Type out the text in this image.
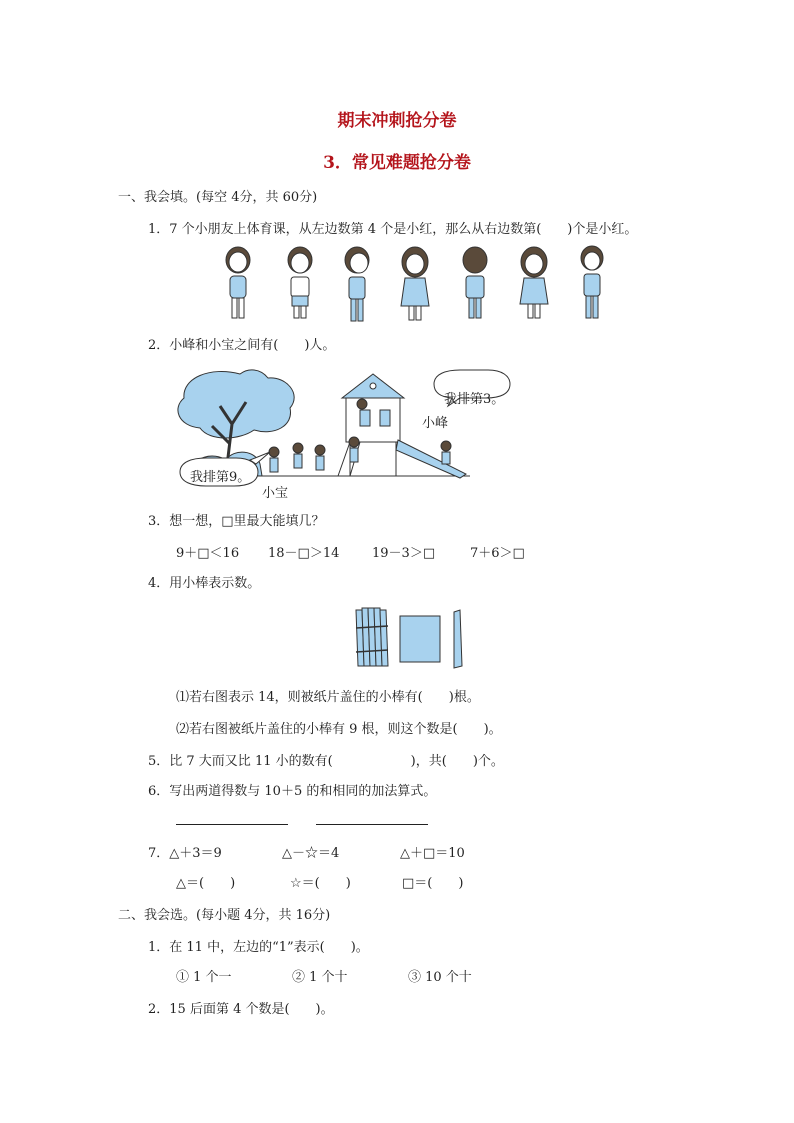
期末冲刺抢分卷
3．常见难题抢分卷
一、我会填。(每空 4分，共 60分)
1．7 个小朋友上体育课，从左边数第 4 个是小红，那么从右边数第(　　)个是小红。
2．小峰和小宝之间有(　　)人。
我排第3。
小峰
我排第9。
小宝
3．想一想，□里最大能填几？
9＋□＜16 18－□＞14	19－3＞□	7＋6＞□
4．用小棒表示数。
⑴若右图表示 14，则被纸片盖住的小棒有(　　)根。
⑵若右图被纸片盖住的小棒有 9 根，则这个数是(　　)。
5．比 7 大而又比 11 小的数有(　　　　　　)，共(　　)个。
6．写出两道得数与 10＋5 的和相同的加法算式。
7．△＋3＝9	△－☆＝4	△＋□＝10
△＝(　　)	☆＝(　　)	□＝(　　)
二、我会选。(每小题 4分，共 16分)
1．在 11 中，左边的“1”表示(　　)。
① 1 个一	② 1 个十	③ 10 个十
2．15 后面第 4 个数是(　　)。
